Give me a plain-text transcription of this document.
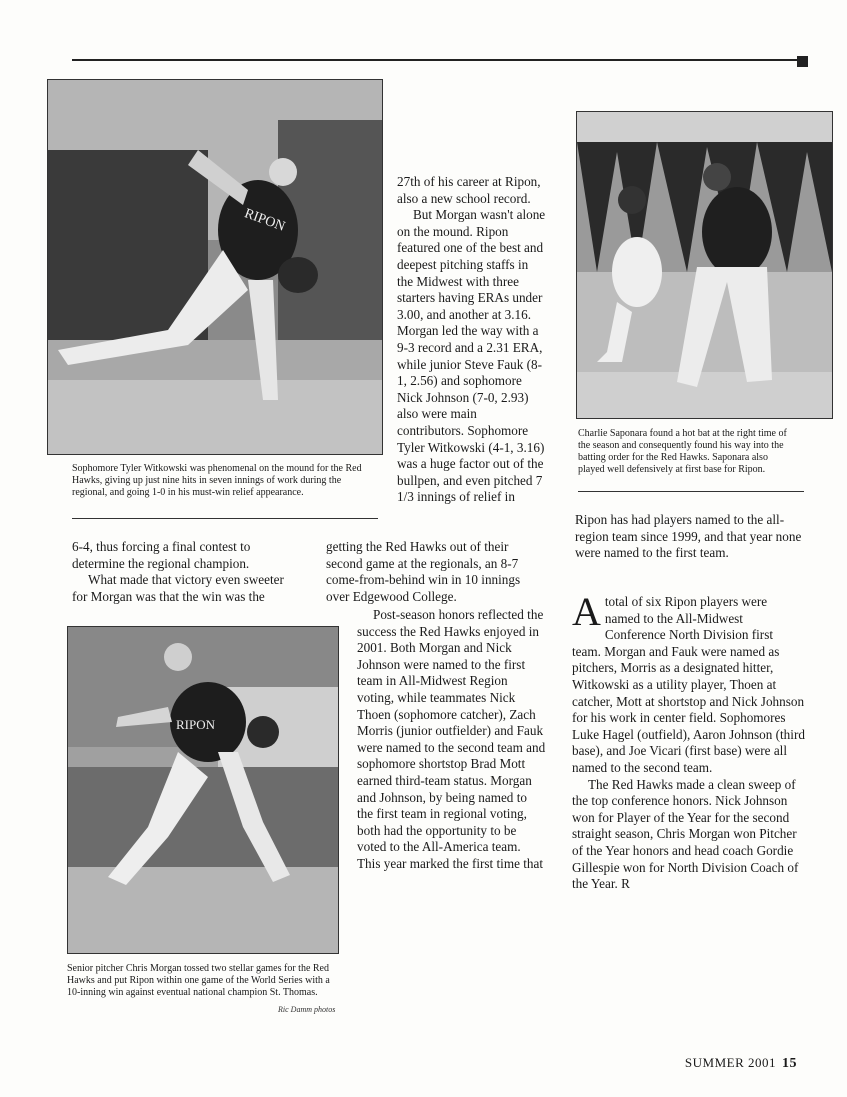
RIPON
Sophomore Tyler Witkowski was phenomenal on the mound for the Red Hawks, giving up just nine hits in seven innings of work during the regional, and going 1-0 in his must-win relief appearance.
Charlie Saponara found a hot bat at the right time of the season and consequently found his way into the batting order for the Red Hawks. Saponara also played well defensively at first base for Ripon.
RIPON
Senior pitcher Chris Morgan tossed two stellar games for the Red Hawks and put Ripon within one game of the World Series with a 10-inning win against eventual national champion St. Thomas.
Ric Damm photos

6-4, thus forcing a final contest to determine the regional champion.

What made that victory even sweeter for Morgan was that the win was the

27th of his career at Ripon, also a new school record.

But Morgan wasn't alone on the mound. Ripon featured one of the best and deepest pitching staffs in the Midwest with three starters having ERAs under 3.00, and another at 3.16. Morgan led the way with a 9-3 record and a 2.31 ERA, while junior Steve Fauk (8-1, 2.56) and sophomore Nick Johnson (7-0, 2.93) also were main contributors. Sophomore Tyler Witkowski (4-1, 3.16) was a huge factor out of the bullpen, and even pitched 7 1/3 innings of relief in

getting the Red Hawks out of their second game at the regionals, an 8-7 come-from-behind win in 10 innings over Edgewood College.

Post-season honors reflected the success the Red Hawks enjoyed in 2001. Both Morgan and Nick Johnson were named to the first team in All-Midwest Region voting, while teammates Nick Thoen (sophomore catcher), Zach Morris (junior outfielder) and Fauk were named to the second team and sophomore shortstop Brad Mott earned third-team status. Morgan and Johnson, by being named to the first team in regional voting, both had the opportunity to be voted to the All-America team. This year marked the first time that

Ripon has had players named to the all-region team since 1999, and that year none were named to the first team.

Atotal of six Ripon players were named to the All-Midwest Conference North Division first team. Morgan and Fauk were named as pitchers, Morris as a designated hitter, Witkowski as a utility player, Thoen at catcher, Mott at shortstop and Nick Johnson for his work in center field. Sophomores Luke Hagel (outfield), Aaron Johnson (third base), and Joe Vicari (first base) were all named to the second team.

The Red Hawks made a clean sweep of the top conference honors. Nick Johnson won for Player of the Year for the second straight season, Chris Morgan won Pitcher of the Year honors and head coach Gordie Gillespie won for North Division Coach of the Year. R

SUMMER 2001 15
